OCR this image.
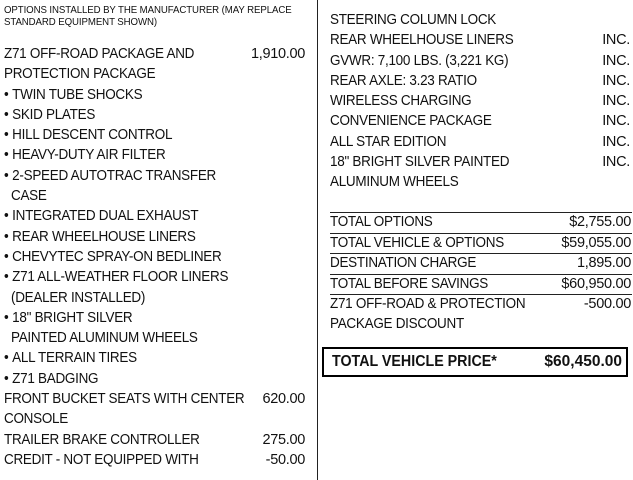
OPTIONS INSTALLED BY THE MANUFACTURER (MAY REPLACE STANDARD EQUIPMENT SHOWN)
Z71 OFF-ROAD PACKAGE AND	1,910.00
PROTECTION PACKAGE
• TWIN TUBE SHOCKS
• SKID PLATES
• HILL DESCENT CONTROL
• HEAVY-DUTY AIR FILTER
• 2-SPEED AUTOTRAC TRANSFER
CASE
• INTEGRATED DUAL EXHAUST
• REAR WHEELHOUSE LINERS
• CHEVYTEC SPRAY-ON BEDLINER
• Z71 ALL-WEATHER FLOOR LINERS
(DEALER INSTALLED)
• 18" BRIGHT SILVER
PAINTED ALUMINUM WHEELS
• ALL TERRAIN TIRES
• Z71 BADGING
FRONT BUCKET SEATS WITH CENTER 620.00
CONSOLE
TRAILER BRAKE CONTROLLER	275.00
CREDIT - NOT EQUIPPED WITH	-50.00
STEERING COLUMN LOCK
REAR WHEELHOUSE LINERS	INC.
GVWR: 7,100 LBS. (3,221 KG)	INC.
REAR AXLE: 3.23 RATIO	INC.
WIRELESS CHARGING	INC.
CONVENIENCE PACKAGE	INC.
ALL STAR EDITION	INC.
18" BRIGHT SILVER PAINTED	INC.
ALUMINUM WHEELS
TOTAL OPTIONS	$2,755.00
TOTAL VEHICLE & OPTIONS	$59,055.00
DESTINATION CHARGE	1,895.00
TOTAL BEFORE SAVINGS	$60,950.00
Z71 OFF-ROAD & PROTECTION	-500.00
PACKAGE DISCOUNT
TOTAL VEHICLE PRICE*	$60,450.00
